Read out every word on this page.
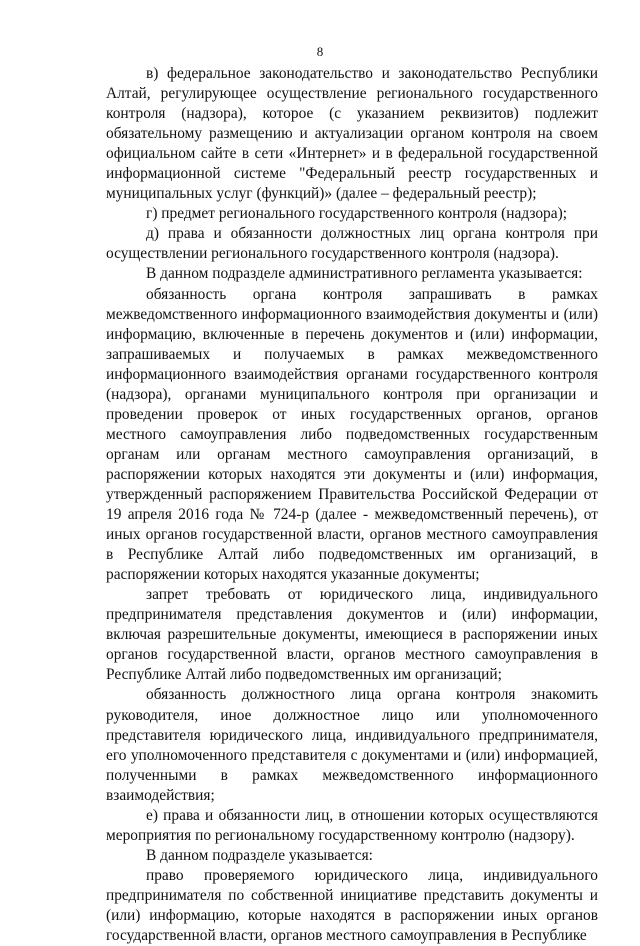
8

в) федеральное законодательство и законодательство Республики Алтай, регулирующее осуществление регионального государственного контроля (надзора), которое (с указанием реквизитов) подлежит обязательному размещению и актуализации органом контроля на своем официальном сайте в сети «Интернет» и в федеральной государственной информационной системе "Федеральный реестр государственных и муниципальных услуг (функций)» (далее – федеральный реестр);

г) предмет регионального государственного контроля (надзора);

д) права и обязанности должностных лиц органа контроля при осуществлении регионального государственного контроля (надзора).

В данном подразделе административного регламента указывается:

обязанность органа контроля запрашивать в рамках межведомственного информационного взаимодействия документы и (или) информацию, включенные в перечень документов и (или) информации, запрашиваемых и получаемых в рамках межведомственного информационного взаимодействия органами государственного контроля (надзора), органами муниципального контроля при организации и проведении проверок от иных государственных органов, органов местного самоуправления либо подведомственных государственным органам или органам местного самоуправления организаций, в распоряжении которых находятся эти документы и (или) информация, утвержденный распоряжением Правительства Российской Федерации от 19 апреля 2016 года № 724-р (далее - межведомственный перечень), от иных органов государственной власти, органов местного самоуправления в Республике Алтай либо подведомственных им организаций, в распоряжении которых находятся указанные документы;

запрет требовать от юридического лица, индивидуального предпринимателя представления документов и (или) информации, включая разрешительные документы, имеющиеся в распоряжении иных органов государственной власти, органов местного самоуправления в Республике Алтай либо подведомственных им организаций;

обязанность должностного лица органа контроля знакомить руководителя, иное должностное лицо или уполномоченного представителя юридического лица, индивидуального предпринимателя, его уполномоченного представителя с документами и (или) информацией, полученными в рамках межведомственного информационного взаимодействия;

е) права и обязанности лиц, в отношении которых осуществляются мероприятия по региональному государственному контролю (надзору).

В данном подразделе указывается:

право проверяемого юридического лица, индивидуального предпринимателя по собственной инициативе представить документы и (или) информацию, которые находятся в распоряжении иных органов государственной власти, органов местного самоуправления в Республике
